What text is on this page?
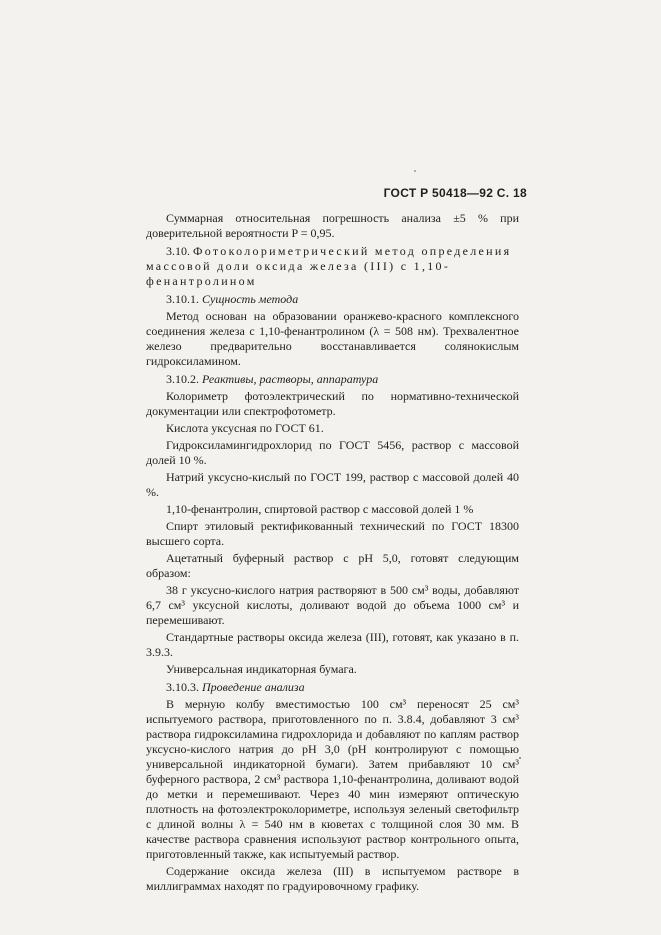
ГОСТ Р 50418—92 С. 18

Суммарная относительная погрешность анализа ±5 % при доверительной вероятности P = 0,95.

3.10. Фотоколориметрический метод определения массовой доли оксида железа (III) с 1,10-фенантролином

3.10.1. Сущность метода

Метод основан на образовании оранжево-красного комплексного соединения железа с 1,10-фенантролином (λ = 508 нм). Трехвалентное железо предварительно восстанавливается солянокислым гидроксиламином.

3.10.2. Реактивы, растворы, аппаратура

Колориметр фотоэлектрический по нормативно-технической документации или спектрофотометр.

Кислота уксусная по ГОСТ 61.

Гидроксиламингидрохлорид по ГОСТ 5456, раствор с массовой долей 10 %.

Натрий уксусно-кислый по ГОСТ 199, раствор с массовой долей 40 %.

1,10-фенантролин, спиртовой раствор с массовой долей 1 %

Спирт этиловый ректификованный технический по ГОСТ 18300 высшего сорта.

Ацетатный буферный раствор с pH 5,0, готовят следующим образом:

38 г уксусно-кислого натрия растворяют в 500 см³ воды, добавляют 6,7 см³ уксусной кислоты, доливают водой до объема 1000 см³ и перемешивают.

Стандартные растворы оксида железа (III), готовят, как указано в п. 3.9.3.

Универсальная индикаторная бумага.

3.10.3. Проведение анализа

В мерную колбу вместимостью 100 см³ переносят 25 см³ испытуемого раствора, приготовленного по п. 3.8.4, добавляют 3 см³ раствора гидроксиламина гидрохлорида и добавляют по каплям раствор уксусно-кислого натрия до pH 3,0 (pH контролируют с помощью универсальной индикаторной бумаги). Затем прибавляют 10 см³ буферного раствора, 2 см³ раствора 1,10-фенантролина, доливают водой до метки и перемешивают. Через 40 мин измеряют оптическую плотность на фотоэлектроколориметре, используя зеленый светофильтр с длиной волны λ = 540 нм в кюветах с толщиной слоя 30 мм. В качестве раствора сравнения используют раствор контрольного опыта, приготовленный также, как испытуемый раствор.

Содержание оксида железа (III) в испытуемом растворе в миллиграммах находят по градуировочному графику.
